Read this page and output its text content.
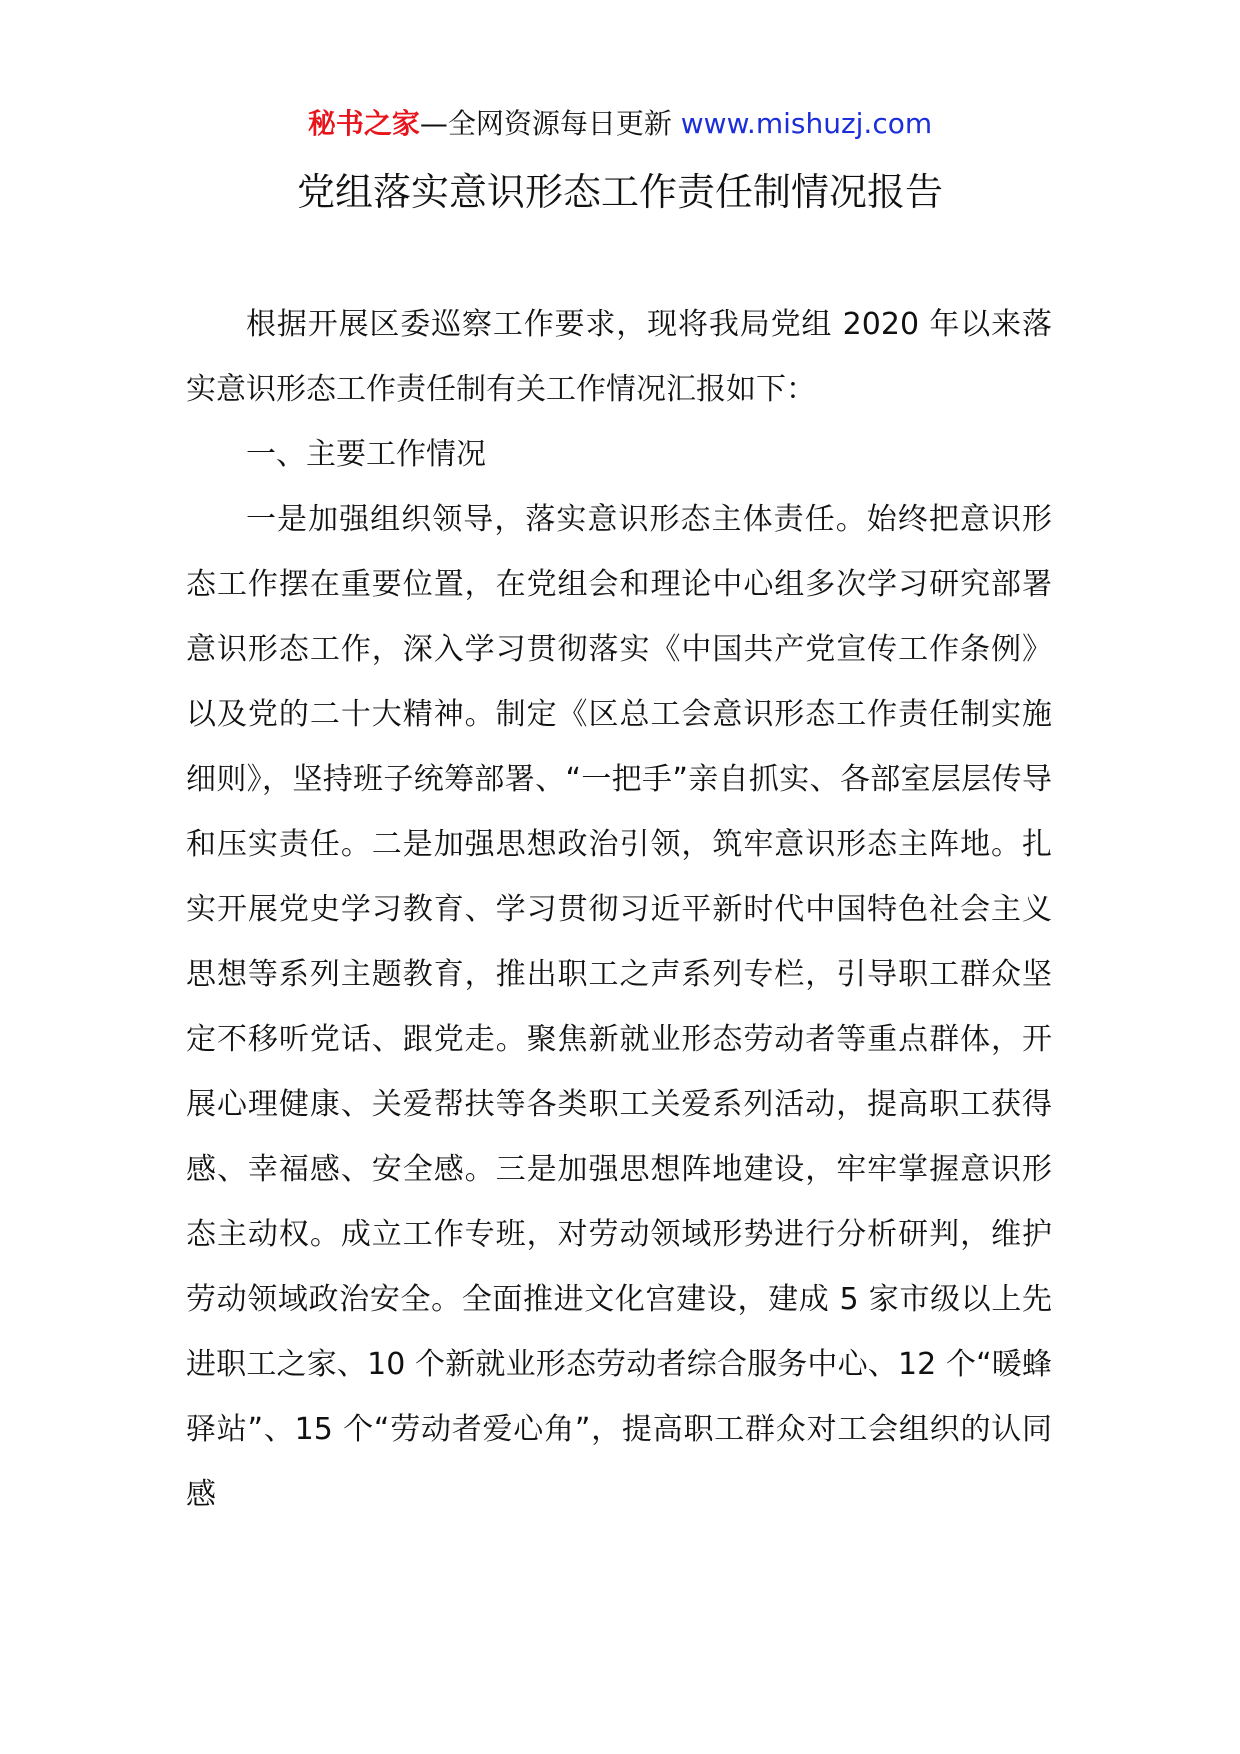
秘书之家—全网资源每日更新 www.mishuzj.com
党组落实意识形态工作责任制情况报告

根据开展区委巡察工作要求，现将我局党组 2020 年以来落实意识形态工作责任制有关工作情况汇报如下：

一、主要工作情况

一是加强组织领导，落实意识形态主体责任。始终把意识形态工作摆在重要位置，在党组会和理论中心组多次学习研究部署意识形态工作，深入学习贯彻落实《中国共产党宣传工作条例》以及党的二十大精神。制定《区总工会意识形态工作责任制实施细则》，坚持班子统筹部署、“一把手”亲自抓实、各部室层层传导和压实责任。二是加强思想政治引领，筑牢意识形态主阵地。扎实开展党史学习教育、学习贯彻习近平新时代中国特色社会主义思想等系列主题教育，推出职工之声系列专栏，引导职工群众坚定不移听党话、跟党走。聚焦新就业形态劳动者等重点群体，开展心理健康、关爱帮扶等各类职工关爱系列活动，提高职工获得感、幸福感、安全感。三是加强思想阵地建设，牢牢掌握意识形态主动权。成立工作专班，对劳动领域形势进行分析研判，维护劳动领域政治安全。全面推进文化宫建设，建成 5 家市级以上先进职工之家、10 个新就业形态劳动者综合服务中心、12 个“暖蜂驿站”、15 个“劳动者爱心角”，提高职工群众对工会组织的认同感
